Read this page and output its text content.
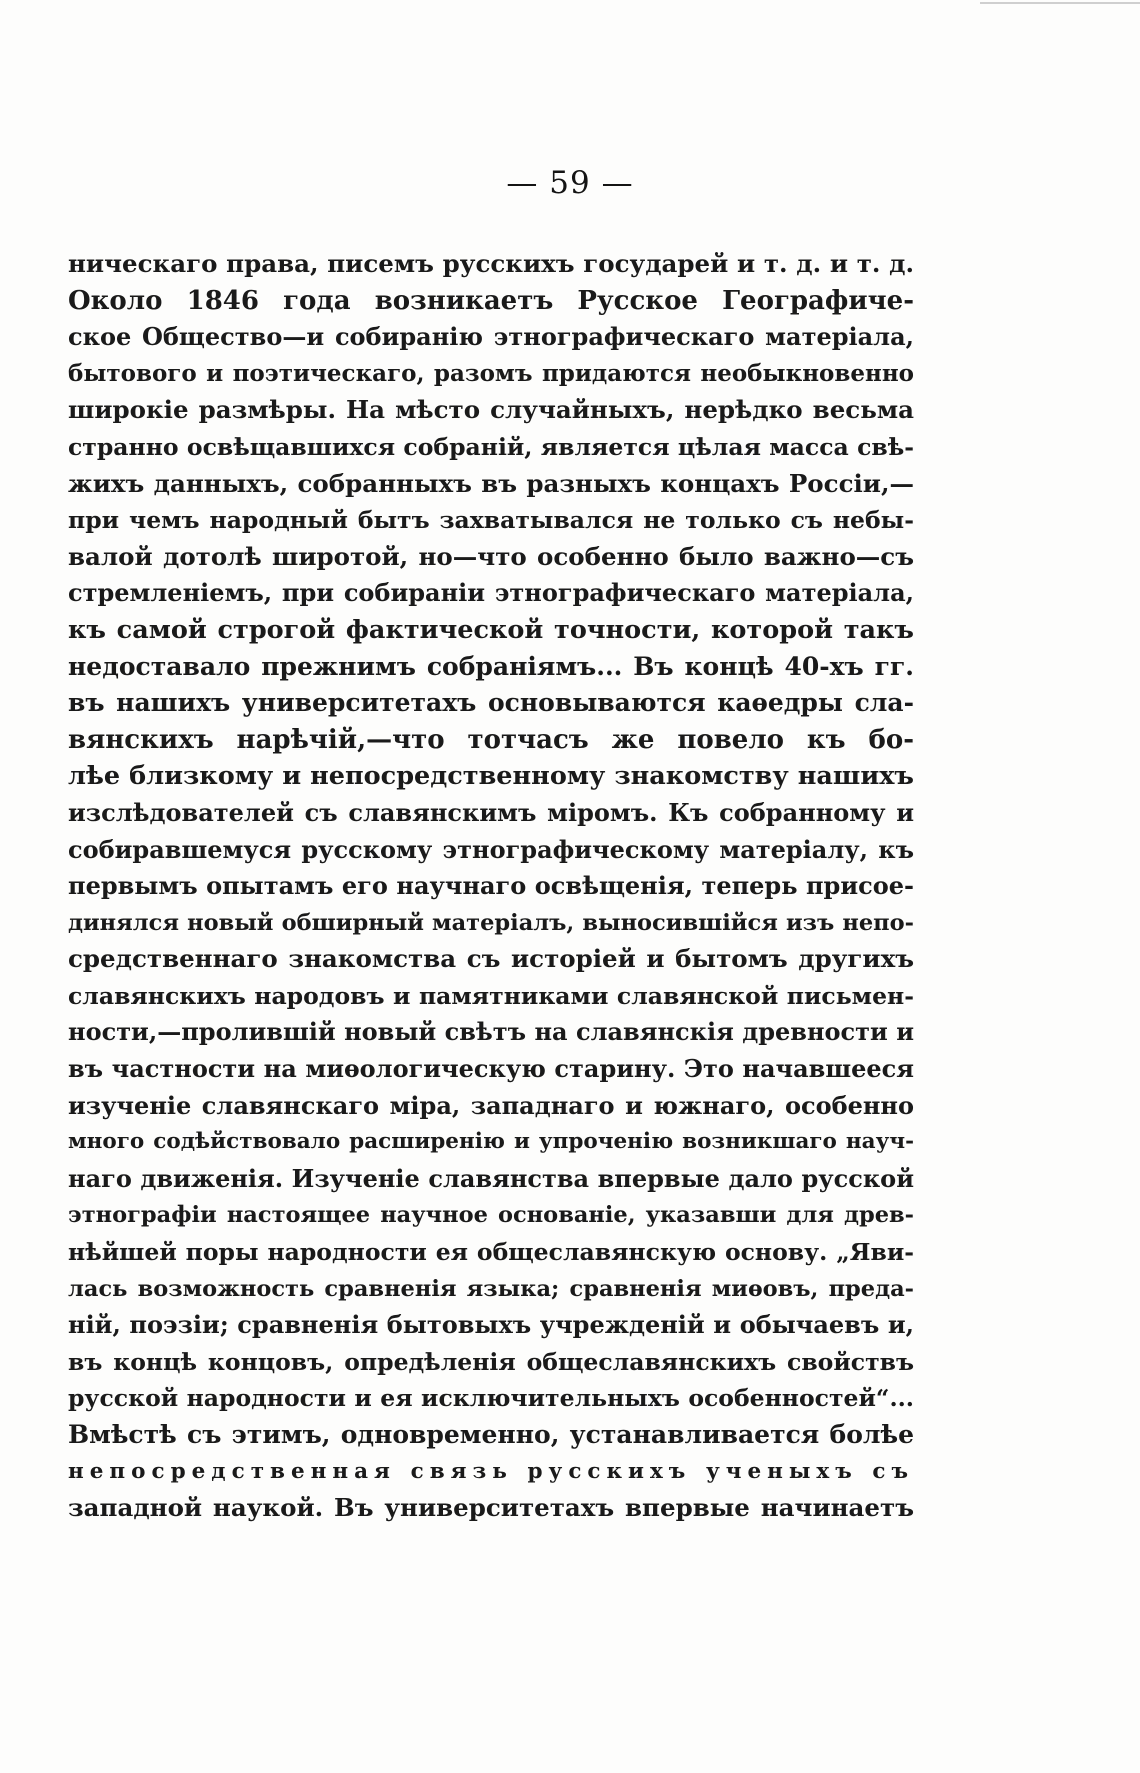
— 59 —
ническаго права, писемъ русскихъ государей и т. д. и т. д.
Около 1846 года возникаетъ Русское Географиче-
ское Общество—и собиранію этнографическаго матеріала,
бытового и поэтическаго, разомъ придаются необыкновенно
широкіе размѣры. На мѣсто случайныхъ, нерѣдко весьма
странно освѣщавшихся собраній, является цѣлая масса свѣ-
жихъ данныхъ, собранныхъ въ разныхъ концахъ Россіи,—
при чемъ народный бытъ захватывался не только съ небы-
валой дотолѣ широтой, но—что особенно было важно—съ
стремленіемъ, при собираніи этнографическаго матеріала,
къ самой строгой фактической точности, которой такъ
недоставало прежнимъ собраніямъ... Въ концѣ 40-хъ гг.
въ нашихъ университетахъ основываются каѳедры сла-
вянскихъ нарѣчій,—что тотчасъ же повело къ бо-
лѣе близкому и непосредственному знакомству нашихъ
изслѣдователей съ славянскимъ міромъ. Къ собранному и
собиравшемуся русскому этнографическому матеріалу, къ
первымъ опытамъ его научнаго освѣщенія, теперь присое-
динялся новый обширный матеріалъ, выносившійся изъ непо-
средственнаго знакомства съ исторіей и бытомъ другихъ
славянскихъ народовъ и памятниками славянской письмен-
ности,—пролившій новый свѣтъ на славянскія древности и
въ частности на миѳологическую старину. Это начавшееся
изученіе славянскаго міра, западнаго и южнаго, особенно
много содѣйствовало расширенію и упроченію возникшаго науч-
наго движенія. Изученіе славянства впервые дало русской
этнографіи настоящее научное основаніе, указавши для древ-
нѣйшей поры народности ея общеславянскую основу. „Яви-
лась возможность сравненія языка; сравненія миѳовъ, преда-
ній, поэзіи; сравненія бытовыхъ учрежденій и обычаевъ и,
въ концѣ концовъ, опредѣленія общеславянскихъ свойствъ
русской народности и ея исключительныхъ особенностей“...
Вмѣстѣ съ этимъ, одновременно, устанавливается болѣе
непосредственная связь русскихъ ученыхъ съ
западной наукой. Въ университетахъ впервые начинаетъ
